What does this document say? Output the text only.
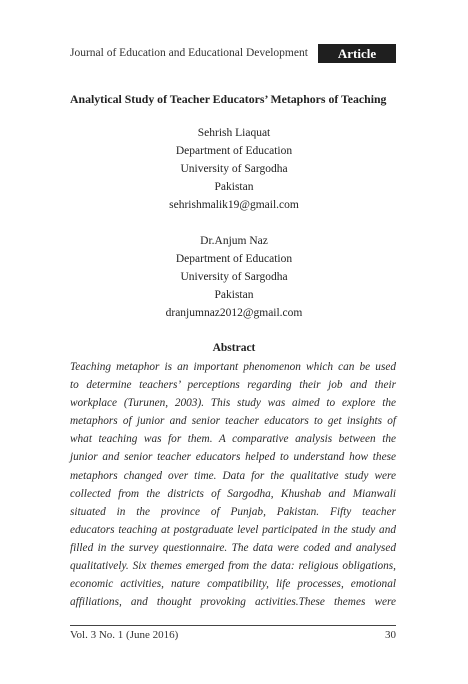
Journal of Education and Educational Development	Article
Analytical Study of Teacher Educators’ Metaphors of Teaching
Sehrish Liaquat
Department of Education
University of Sargodha
Pakistan
sehrishmalik19@gmail.com
Dr.Anjum Naz
Department of Education
University of Sargodha
Pakistan
dranjumnaz2012@gmail.com
Abstract
Teaching metaphor is an important phenomenon which can be used
to determine teachers’ perceptions regarding their job and their
workplace (Turunen, 2003). This study was aimed to explore the
metaphors of junior and senior teacher educators to get insights of
what teaching was for them. A comparative analysis between the
junior and senior teacher educators helped to understand how these
metaphors changed over time. Data for the qualitative study were
collected from the districts of Sargodha, Khushab and Mianwali
situated in the province of Punjab, Pakistan. Fifty teacher
educators teaching at postgraduate level participated in the study and
filled in the survey questionnaire. The data were coded and analysed
qualitatively. Six themes emerged from the data: religious obligations,
economic activities, nature compatibility, life processes, emotional
affiliations, and thought provoking activities.These themes were
Vol. 3 No. 1 (June 2016)	30
